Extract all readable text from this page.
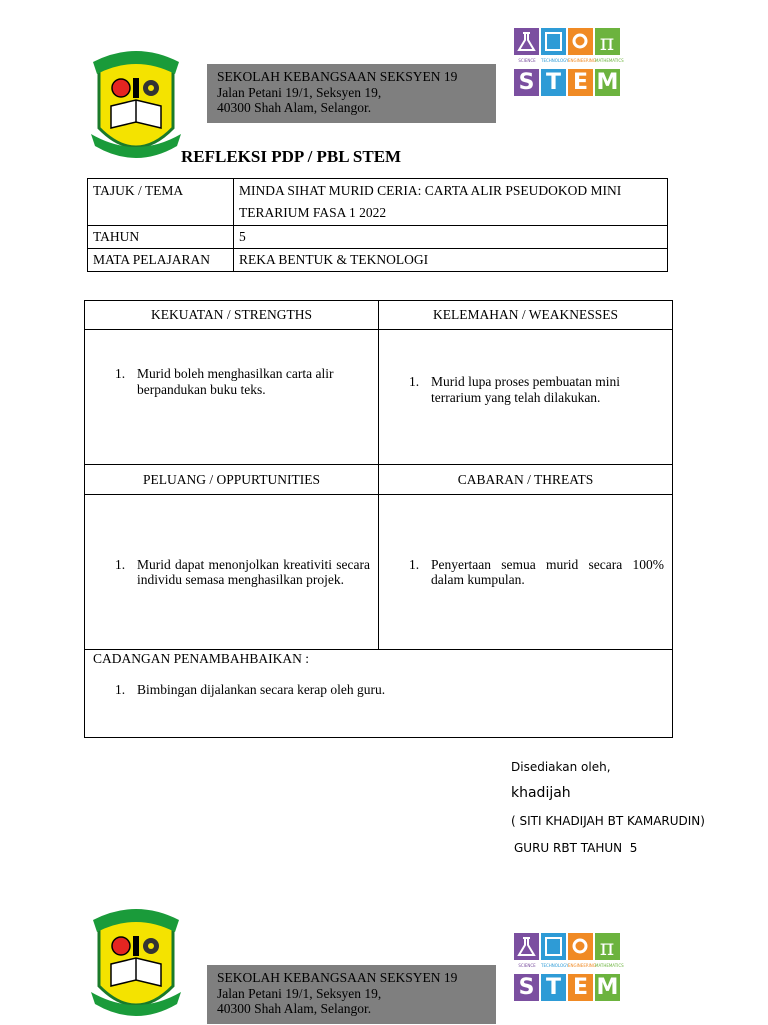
SEKOLAH KEBANGSAAN SEKSYEN 19
Jalan Petani 19/1, Seksyen 19,
40300 Shah Alam, Selangor.
π
SCIENCE	TECHNOLOGY ENGINEERING MATHEMATICS
S T E M
REFLEKSI PDP / PBL STEM
TAJUK / TEMA	MINDA SIHAT MURID CERIA: CARTA ALIR PSEUDOKOD MINI TERARIUM FASA 1 2022
TAHUN	5
MATA PELAJARAN	REKA BENTUK & TEKNOLOGI
KEKUATAN / STRENGTHS	KELEMAHAN / WEAKNESSES

1. Murid boleh menghasilkan carta alir berpandukan buku teks.	1. Murid lupa proses pembuatan mini terrarium yang telah dilakukan.

PELUANG / OPPURTUNITIES	CABARAN / THREATS

1. Murid dapat menonjolkan kreativiti secara individu semasa menghasilkan projek.	1. Penyertaan semua murid secara 100% dalam kumpulan.

CADANGAN PENAMBAHBAIKAN :
1. Bimbingan dijalankan secara kerap oleh guru.	
Disediakan oleh,
khadijah
( SITI KHADIJAH BT KAMARUDIN)
GURU RBT TAHUN  5
SEKOLAH KEBANGSAAN SEKSYEN 19
Jalan Petani 19/1, Seksyen 19,
40300 Shah Alam, Selangor.
π
SCIENCE	TECHNOLOGY ENGINEERING MATHEMATICS
S T E M
